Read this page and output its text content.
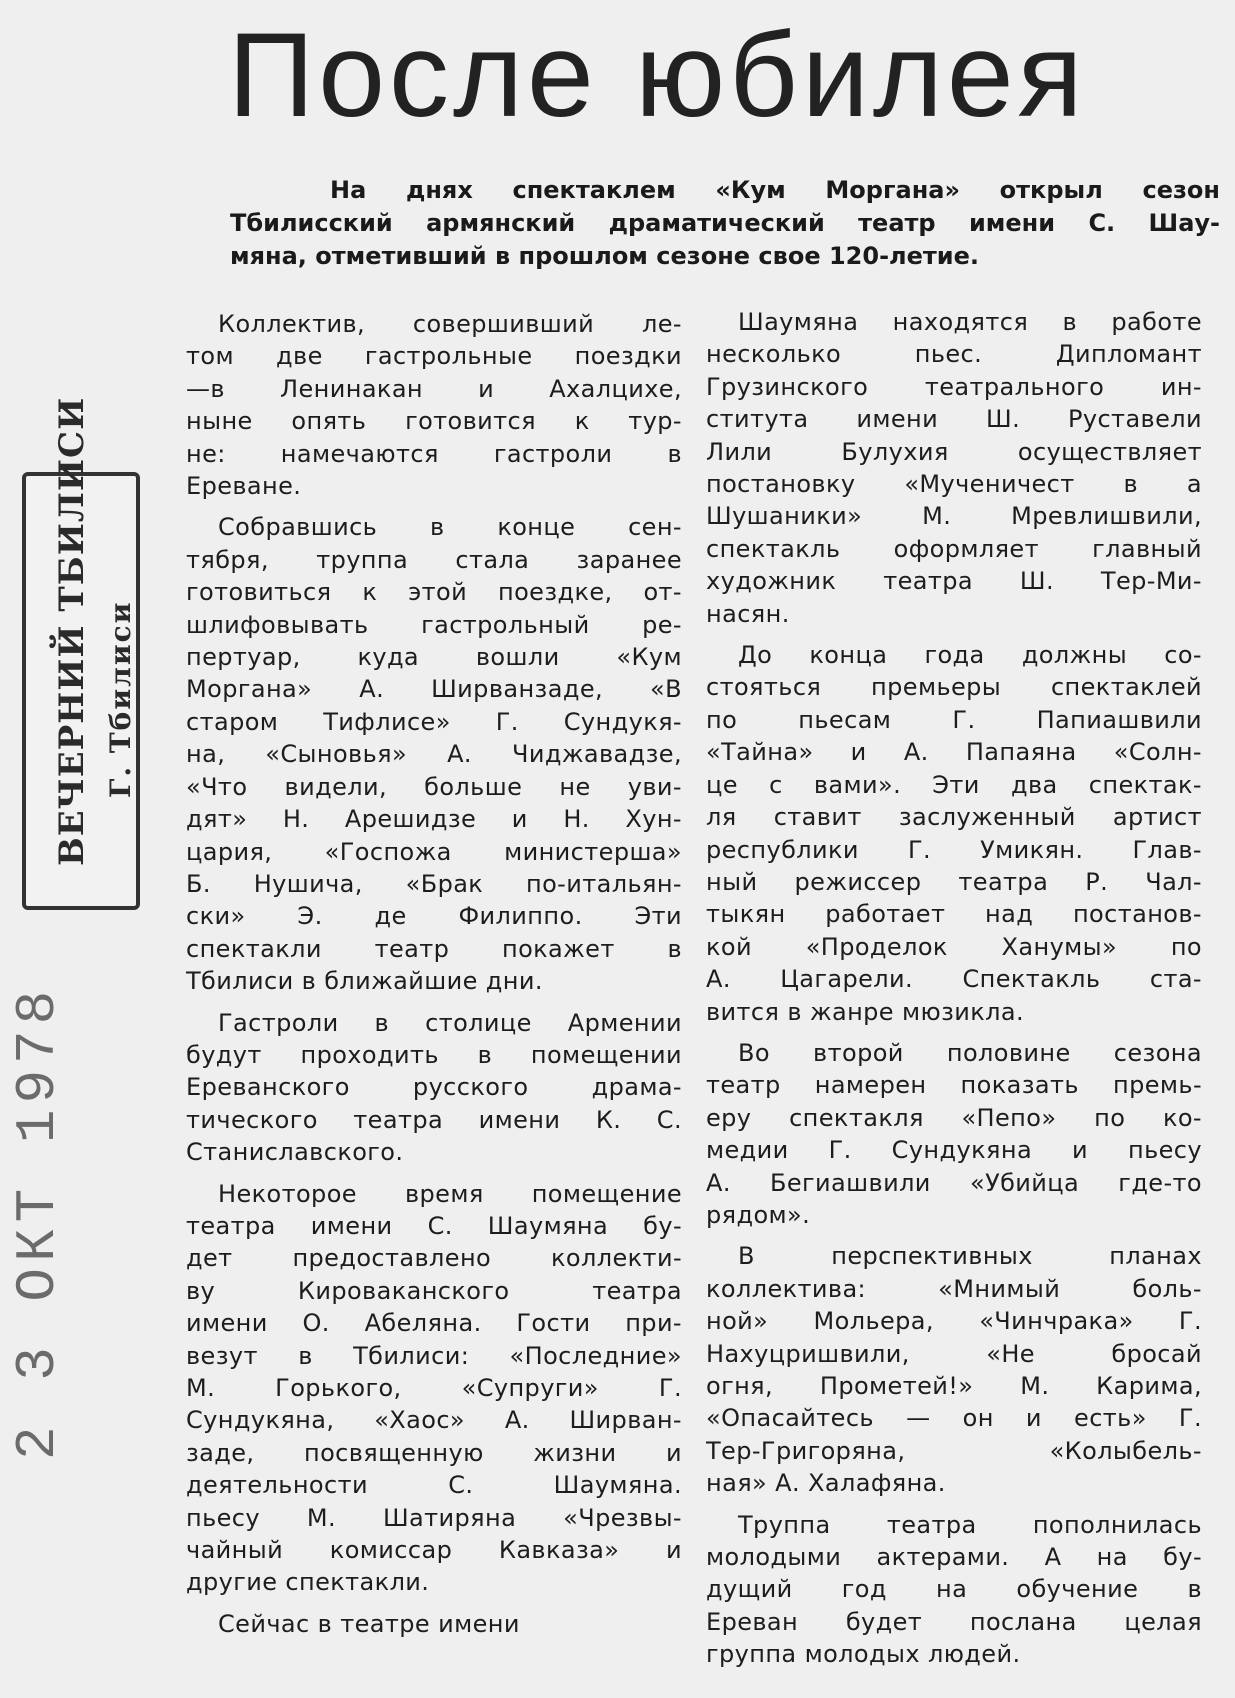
После юбилея

На днях спектаклем «Кум Моргана» открыл сезон

Тбилисский армянский драматический театр имени С. Шау-

мяна, отметивший в прошлом сезоне свое 120-летие.

Коллектив, совершивший ле-
том две гастрольные поездки
—в Ленинакан и Ахалцихе,
ныне опять готовится к тур-
не: намечаются гастроли в
Ереване.
Собравшись в конце сен-
тября, труппа стала заранее
готовиться к этой поездке, от-
шлифовывать гастрольный ре-
пертуар, куда вошли «Кум
Моргана» А. Ширванзаде, «В
старом Тифлисе» Г. Сундукя-
на, «Сыновья» А. Чиджавадзе,
«Что видели, больше не уви-
дят» Н. Арешидзе и Н. Хун-
цария, «Госпожа министерша»
Б. Нушича, «Брак по-итальян-
ски» Э. де Филиппо. Эти
спектакли театр покажет в
Тбилиси в ближайшие дни.
Гастроли в столице Армении
будут проходить в помещении
Ереванского русского драма-
тического театра имени К. С.
Станиславского.
Некоторое время помещение
театра имени С. Шаумяна бу-
дет предоставлено коллекти-
ву Кироваканского театра
имени О. Абеляна. Гости при-
везут в Тбилиси: «Последние»
М. Горького, «Супруги» Г.
Сундукяна, «Хаос» А. Ширван-
заде, посвященную жизни и
деятельности С. Шаумяна.
пьесу М. Шатиряна «Чрезвы-
чайный комиссар Кавказа» и
другие спектакли.
Сейчас в театре имени
Шаумяна находятся в работе
несколько пьес. Дипломант
Грузинского театрального ин-
ститута имени Ш. Руставели
Лили Булухия осуществляет
постановку «Мученичест в а
Шушаники» М. Мревлишвили,
спектакль оформляет главный
художник театра Ш. Тер-Ми-
насян.
До конца года должны со-
стояться премьеры спектаклей
по пьесам Г. Папиашвили
«Тайна» и А. Папаяна «Солн-
це с вами». Эти два спектак-
ля ставит заслуженный артист
республики Г. Умикян. Глав-
ный режиссер театра Р. Чал-
тыкян работает над постанов-
кой «Проделок Ханумы» по
А. Цагарели. Спектакль ста-
вится в жанре мюзикла.
Во второй половине сезона
театр намерен показать премь-
еру спектакля «Пепо» по ко-
медии Г. Сундукяна и пьесу
А. Бегиашвили «Убийца где-то
рядом».
В перспективных планах
коллектива: «Мнимый боль-
ной» Мольера, «Чинчрака» Г.
Нахуцришвили, «Не бросай
огня, Прометей!» М. Карима,
«Опасайтесь — он и есть» Г.
Тер-Григоряна, «Колыбель-
ная» А. Халафяна.
Труппа театра пополнилась
молодыми актерами. А на бу-
дущий год на обучение в
Ереван будет послана целая
группа молодых людей.
ВЕЧЕРНИЙ ТБИЛИСИ Г. Тбилиси
2 3 ОКТ 1978
